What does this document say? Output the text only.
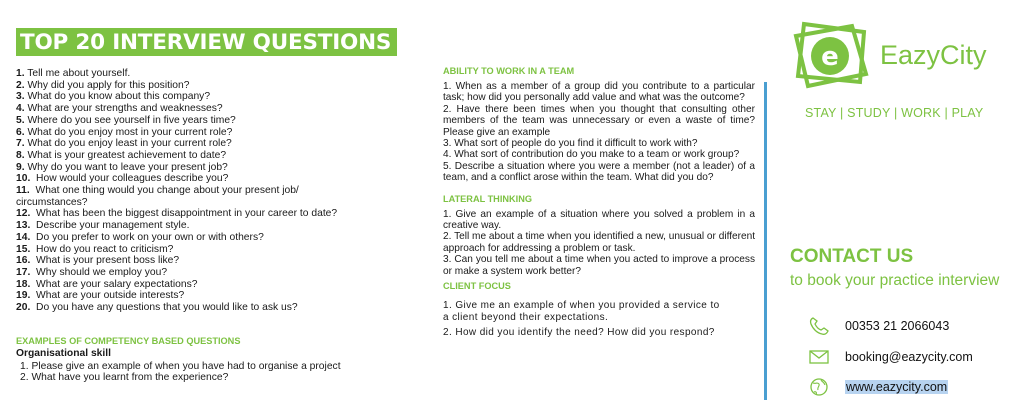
TOP 20 INTERVIEW QUESTIONS
1. Tell me about yourself.
2. Why did you apply for this position?
3. What do you know about this company?
4. What are your strengths and weaknesses?
5. Where do you see yourself in five years time?
6. What do you enjoy most in your current role?
7. What do you enjoy least in your current role?
8. What is your greatest achievement to date?
9. Why do you want to leave your present job?
10.  How would your colleagues describe you?
11.  What one thing would you change about your present job/
circumstances?
12.  What has been the biggest disappointment in your career to date?
13.  Describe your management style.
14.  Do you prefer to work on your own or with others?
15.  How do you react to criticism?
16.  What is your present boss like?
17.  Why should we employ you?
18.  What are your salary expectations?
19.  What are your outside interests?
20.  Do you have any questions that you would like to ask us?
EXAMPLES OF COMPETENCY BASED QUESTIONS
Organisational skill
1. Please give an example of when you have had to organise a project
2. What have you learnt from the experience?
ABILITY TO WORK IN A TEAM
1. When as a member of a group did you contribute to a particular task; how did you personally add value and what was the outcome?
2. Have there been times when you thought that consulting other members of the team was unnecessary or even a waste of time? Please give an example
3. What sort of people do you find it difficult to work with?
4. What sort of contribution do you make to a team or work group?
5. Describe a situation where you were a member (not a leader) of a team, and a conflict arose within the team. What did you do?
LATERAL THINKING
1. Give an example of a situation where you solved a problem in a creative way.
2. Tell me about a time when you identified a new, unusual or different approach for addressing a problem or task.
3. Can you tell me about a time when you acted to improve a process or make a system work better?
CLIENT FOCUS
1. Give me an example of when you provided a service to
a client beyond their expectations.
2. How did you identify the need? How did you respond?
e EazyCity
STAY | STUDY | WORK | PLAY
CONTACT US
to book your practice interview
00353 21 2066043
booking@eazycity.com
www.eazycity.com
